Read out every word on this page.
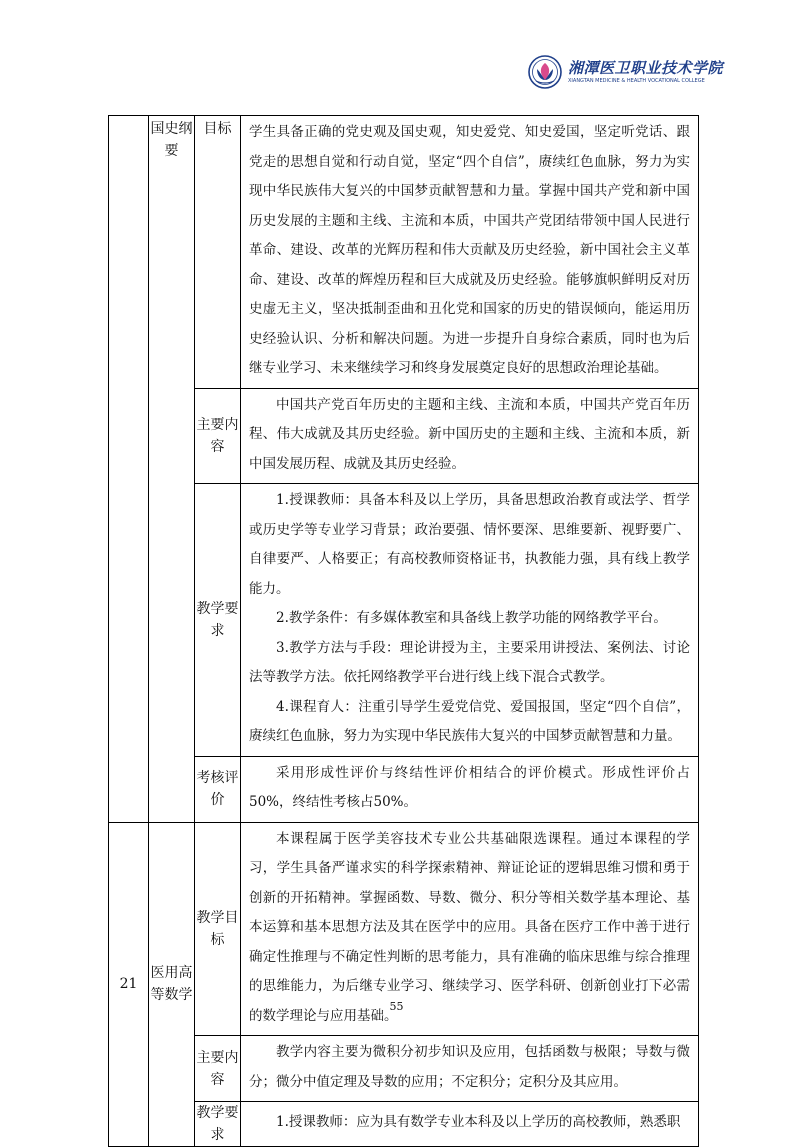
湘潭医卫职业技术学院
XIANGTAN MEDICINE & HEALTH VOCATIONAL COLLEGE
	国史纲要	目标	学生具备正确的党史观及国史观，知史爱党、知史爱国，坚定听党话、跟党走的思想自觉和行动自觉，坚定“四个自信”，赓续红色血脉，努力为实现中华民族伟大复兴的中国梦贡献智慧和力量。掌握中国共产党和新中国历史发展的主题和主线、主流和本质，中国共产党团结带领中国人民进行革命、建设、改革的光辉历程和伟大贡献及历史经验，新中国社会主义革命、建设、改革的辉煌历程和巨大成就及历史经验。能够旗帜鲜明反对历史虚无主义，坚决抵制歪曲和丑化党和国家的历史的错误倾向，能运用历史经验认识、分析和解决问题。为进一步提升自身综合素质，同时也为后继专业学习、未来继续学习和终身发展奠定良好的思想政治理论基础。

		主要内容	中国共产党百年历史的主题和主线、主流和本质，中国共产党百年历程、伟大成就及其历史经验。新中国历史的主题和主线、主流和本质，新中国发展历程、成就及其历史经验。

		教学要求	1.授课教师：具备本科及以上学历，具备思想政治教育或法学、哲学或历史学等专业学习背景；政治要强、情怀要深、思维要新、视野要广、自律要严、人格要正；有高校教师资格证书，执教能力强，具有线上教学能力。

2.教学条件：有多媒体教室和具备线上教学功能的网络教学平台。

3.教学方法与手段：理论讲授为主，主要采用讲授法、案例法、讨论法等教学方法。依托网络教学平台进行线上线下混合式教学。

4.课程育人：注重引导学生爱党信党、爱国报国，坚定“四个自信”，赓续红色血脉，努力为实现中华民族伟大复兴的中国梦贡献智慧和力量。

		考核评价	采用形成性评价与终结性评价相结合的评价模式。形成性评价占50%，终结性考核占50%。

21	医用高等数学	教学目标	本课程属于医学美容技术专业公共基础限选课程。通过本课程的学习，学生具备严谨求实的科学探索精神、辩证论证的逻辑思维习惯和勇于创新的开拓精神。掌握函数、导数、微分、积分等相关数学基本理论、基本运算和基本思想方法及其在医学中的应用。具备在医疗工作中善于进行确定性推理与不确定性判断的思考能力，具有准确的临床思维与综合推理的思维能力，为后继专业学习、继续学习、医学科研、创新创业打下必需的数学理论与应用基础。

		主要内容	教学内容主要为微积分初步知识及应用，包括函数与极限；导数与微分；微分中值定理及导数的应用；不定积分；定积分及其应用。

		教学要求	1.授课教师：应为具有数学专业本科及以上学历的高校教师，熟悉职

55
